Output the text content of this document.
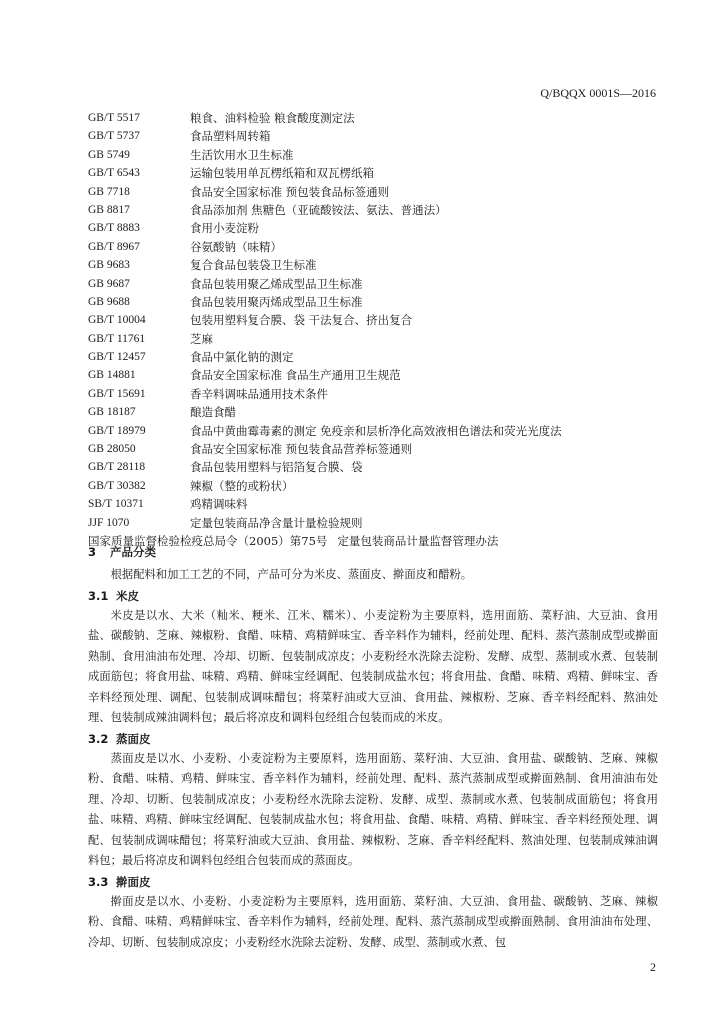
Q/BQQX 0001S—2016
GB/T 5517	粮食、油料检验 粮食酸度测定法
GB/T 5737	食品塑料周转箱
GB 5749	生活饮用水卫生标准
GB/T 6543	运输包装用单瓦楞纸箱和双瓦楞纸箱
GB 7718	食品安全国家标准 预包装食品标签通则
GB 8817	食品添加剂 焦糖色（亚硫酸铵法、氨法、普通法）
GB/T 8883	食用小麦淀粉
GB/T 8967	谷氨酸钠（味精）
GB 9683	复合食品包装袋卫生标准
GB 9687	食品包装用聚乙烯成型品卫生标准
GB 9688	食品包装用聚丙烯成型品卫生标准
GB/T 10004	包装用塑料复合膜、袋 干法复合、挤出复合
GB/T 11761	芝麻
GB/T 12457	食品中氯化钠的测定
GB 14881	食品安全国家标准 食品生产通用卫生规范
GB/T 15691	香辛料调味品通用技术条件
GB 18187	酿造食醋
GB/T 18979	食品中黄曲霉毒素的测定 免疫亲和层析净化高效液相色谱法和荧光光度法
GB 28050	食品安全国家标准 预包装食品营养标签通则
GB/T 28118	食品包装用塑料与铝箔复合膜、袋
GB/T 30382	辣椒（整的或粉状）
SB/T 10371	鸡精调味料
JJF 1070	定量包装商品净含量计量检验规则
国家质量监督检验检疫总局令（2005）第75号 定量包装商品计量监督管理办法
3 产品分类

根据配料和加工工艺的不同，产品可分为米皮、蒸面皮、擀面皮和醋粉。

3.1 米皮

米皮是以水、大米（籼米、粳米、江米、糯米）、小麦淀粉为主要原料，选用面筋、菜籽油、大豆油、食用盐、碳酸钠、芝麻、辣椒粉、食醋、味精、鸡精鲜味宝、香辛料作为辅料，经前处理、配料、蒸汽蒸制成型或擀面熟制、食用油油布处理、冷却、切断、包装制成凉皮；小麦粉经水洗除去淀粉、发酵、成型、蒸制或水煮、包装制成面筋包；将食用盐、味精、鸡精、鲜味宝经调配、包装制成盐水包；将食用盐、食醋、味精、鸡精、鲜味宝、香辛料经预处理、调配、包装制成调味醋包；将菜籽油或大豆油、食用盐、辣椒粉、芝麻、香辛料经配料、熬油处理、包装制成辣油调料包；最后将凉皮和调料包经组合包装而成的米皮。

3.2 蒸面皮

蒸面皮是以水、小麦粉、小麦淀粉为主要原料，选用面筋、菜籽油、大豆油、食用盐、碳酸钠、芝麻、辣椒粉、食醋、味精、鸡精、鲜味宝、香辛料作为辅料，经前处理、配料、蒸汽蒸制成型或擀面熟制、食用油油布处理、冷却、切断、包装制成凉皮；小麦粉经水洗除去淀粉、发酵、成型、蒸制或水煮、包装制成面筋包；将食用盐、味精、鸡精、鲜味宝经调配、包装制成盐水包；将食用盐、食醋、味精、鸡精、鲜味宝、香辛料经预处理、调配、包装制成调味醋包；将菜籽油或大豆油、食用盐、辣椒粉、芝麻、香辛料经配料、熬油处理、包装制成辣油调料包；最后将凉皮和调料包经组合包装而成的蒸面皮。

3.3 擀面皮

擀面皮是以水、小麦粉、小麦淀粉为主要原料，选用面筋、菜籽油、大豆油、食用盐、碳酸钠、芝麻、辣椒粉、食醋、味精、鸡精鲜味宝、香辛料作为辅料，经前处理、配料、蒸汽蒸制成型或擀面熟制、食用油油布处理、冷却、切断、包装制成凉皮；小麦粉经水洗除去淀粉、发酵、成型、蒸制或水煮、包

2
